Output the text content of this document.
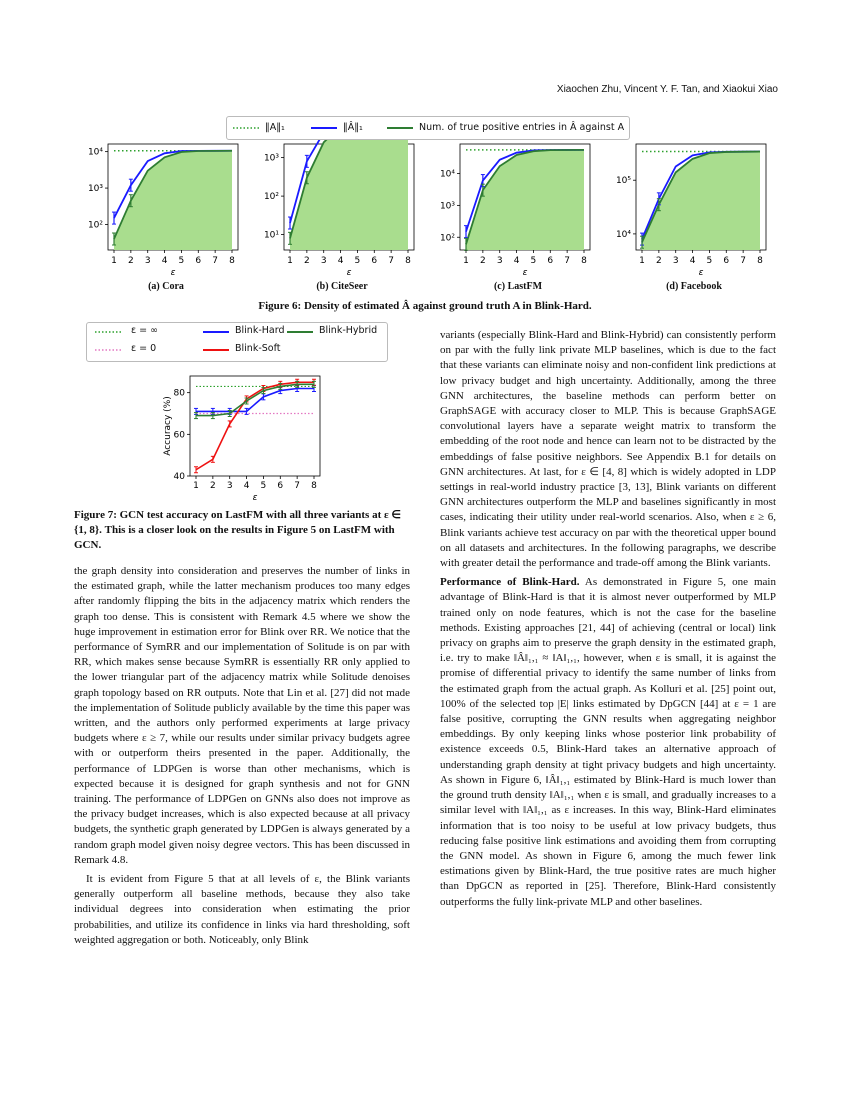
Xiaochen Zhu, Vincent Y. F. Tan, and Xiaokui Xiao
‖A‖₁	‖Â‖₁	Num. of true positive entries in Â against A
1 2 3 4 5 6 7 8
ε
10²
10³
10⁴
1 2 3 4 5 6 7 8
ε
10¹
10²
10³
1 2 3 4 5 6 7 8
ε
10²
10³
10⁴
1 2 3 4 5 6 7 8
ε
10⁴
10⁵
(a) Cora	(b) CiteSeer	(c) LastFM	(d) Facebook
Figure 6: Density of estimated Â against ground truth A in Blink-Hard.
ε = ∞
ε = 0
Blink-Hard
Blink-Soft
Blink-Hybrid
1 2 3 4 5 6 7 8
ε
40
60
80
Accuracy (%)
Figure 7: GCN test accuracy on LastFM with all three variants at ε ∈ {1, 8}. This is a closer look on the results in Figure 5 on LastFM with GCN.

the graph density into consideration and preserves the number of links in the estimated graph, while the latter mechanism produces too many edges after randomly flipping the bits in the adjacency matrix which renders the graph too dense. This is consistent with Remark 4.5 where we show the huge improvement in estimation error for Blink over RR. We notice that the performance of SymRR and our implementation of Solitude is on par with RR, which makes sense because SymRR is essentially RR only applied to the lower triangular part of the adjacency matrix while Solitude denoises graph topology based on RR outputs. Note that Lin et al. [27] did not made the implementation of Solitude publicly available by the time this paper was written, and the authors only performed experiments at large privacy budgets where ε ≥ 7, while our results under similar privacy budgets agree with or outperform theirs presented in the paper. Additionally, the performance of LDPGen is worse than other mechanisms, which is expected because it is designed for graph synthesis and not for GNN training. The performance of LDPGen on GNNs also does not improve as the privacy budget increases, which is also expected because at all privacy budgets, the synthetic graph generated by LDPGen is always generated by a random graph model given noisy degree vectors. This has been discussed in Remark 4.8.

It is evident from Figure 5 that at all levels of ε, the Blink variants generally outperform all baseline methods, because they also take individual degrees into consideration when estimating the prior probabilities, and utilize its confidence in links via hard thresholding, soft weighted aggregation or both. Noticeably, only Blink

variants (especially Blink-Hard and Blink-Hybrid) can consistently perform on par with the fully link private MLP baselines, which is due to the fact that these variants can eliminate noisy and non-confident link predictions at low privacy budget and high uncertainty. Additionally, among the three GNN architectures, the baseline methods can perform better on GraphSAGE with accuracy closer to MLP. This is because GraphSAGE convolutional layers have a separate weight matrix to transform the embedding of the root node and hence can learn not to be distracted by the embeddings of false positive neighbors. See Appendix B.1 for details on GNN architectures. At last, for ε ∈ [4, 8] which is widely adopted in LDP settings in real-world industry practice [3, 13], Blink variants on different GNN architectures outperform the MLP and baselines significantly in most cases, indicating their utility under real-world scenarios. Also, when ε ≥ 6, Blink variants achieve test accuracy on par with the theoretical upper bound on all datasets and architectures. In the following paragraphs, we describe with greater detail the performance and trade-off among the Blink variants.

Performance of Blink-Hard. As demonstrated in Figure 5, one main advantage of Blink-Hard is that it is almost never outperformed by MLP trained only on node features, which is not the case for the baseline methods. Existing approaches [21, 44] of achieving (central or local) link privacy on graphs aim to preserve the graph density in the estimated graph, i.e. try to make ‖Â‖₁,₁ ≈ ‖A‖₁,₁, however, when ε is small, it is against the promise of differential privacy to identify the same number of links from the estimated graph from the actual graph. As Kolluri et al. [25] point out, 100% of the selected top |E| links estimated by DpGCN [44] at ε = 1 are false positive, corrupting the GNN results when aggregating neighbor embeddings. By only keeping links whose posterior link probability of existence exceeds 0.5, Blink-Hard takes an alternative approach of understanding graph density at tight privacy budgets and high uncertainty. As shown in Figure 6, ‖Â‖₁,₁ estimated by Blink-Hard is much lower than the ground truth density ‖A‖₁,₁ when ε is small, and gradually increases to a similar level with ‖A‖₁,₁ as ε increases. In this way, Blink-Hard eliminates information that is too noisy to be useful at low privacy budgets, thus reducing false positive link estimations and avoiding them from corrupting the GNN model. As shown in Figure 6, among the much fewer link estimations given by Blink-Hard, the true positive rates are much higher than DpGCN as reported in [25]. Therefore, Blink-Hard consistently outperforms the fully link-private MLP and other baselines.
